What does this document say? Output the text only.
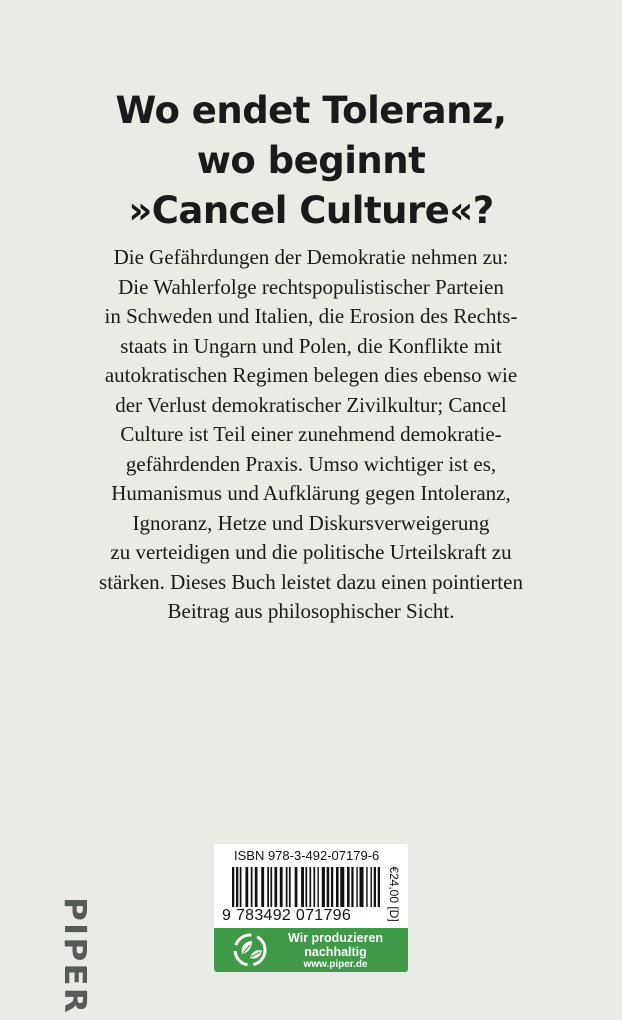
Wo endet Toleranz,
wo beginnt
»Cancel Culture«?
Die Gefährdungen der Demokratie nehmen zu:
Die Wahlerfolge rechtspopulistischer Parteien
in Schweden und Italien, die Erosion des Rechts-
staats in Ungarn und Polen, die Konflikte mit
autokratischen Regimen belegen dies ebenso wie
der Verlust demokratischer Zivilkultur; Cancel
Culture ist Teil einer zunehmend demokratie-
gefährdenden Praxis. Umso wichtiger ist es,
Humanismus und Aufklärung gegen Intoleranz,
Ignoranz, Hetze und Diskursverweigerung
zu verteidigen und die politische Urteilskraft zu
stärken. Dieses Buch leistet dazu einen pointierten
Beitrag aus philosophischer Sicht.
PIPER
ISBN 978-3-492-07179-6
9 783492 071796	€24,00 [D]
Wir produzieren
nachhaltig
www.piper.de
